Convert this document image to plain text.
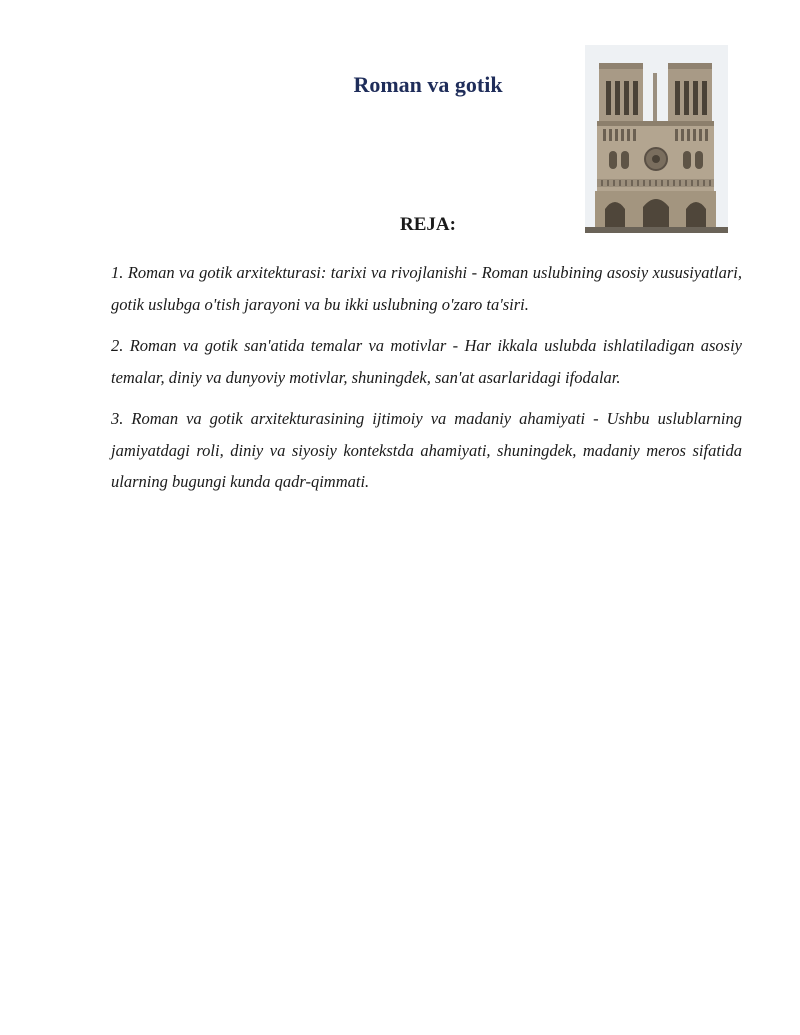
Roman va gotik
REJA:
1. Roman va gotik arxitekturasi: tarixi va rivojlanishi - Roman uslubining asosiy xususiyatlari, gotik uslubga o'tish jarayoni va bu ikki uslubning o'zaro ta'siri.
2. Roman va gotik san'atida temalar va motivlar - Har ikkala uslubda ishlatiladigan asosiy temalar, diniy va dunyoviy motivlar, shuningdek, san'at asarlaridagi ifodalar.
3. Roman va gotik arxitekturasining ijtimoiy va madaniy ahamiyati - Ushbu uslublarning jamiyatdagi roli, diniy va siyosiy kontekstda ahamiyati, shuningdek, madaniy meros sifatida ularning bugungi kunda qadr-qimmati.
